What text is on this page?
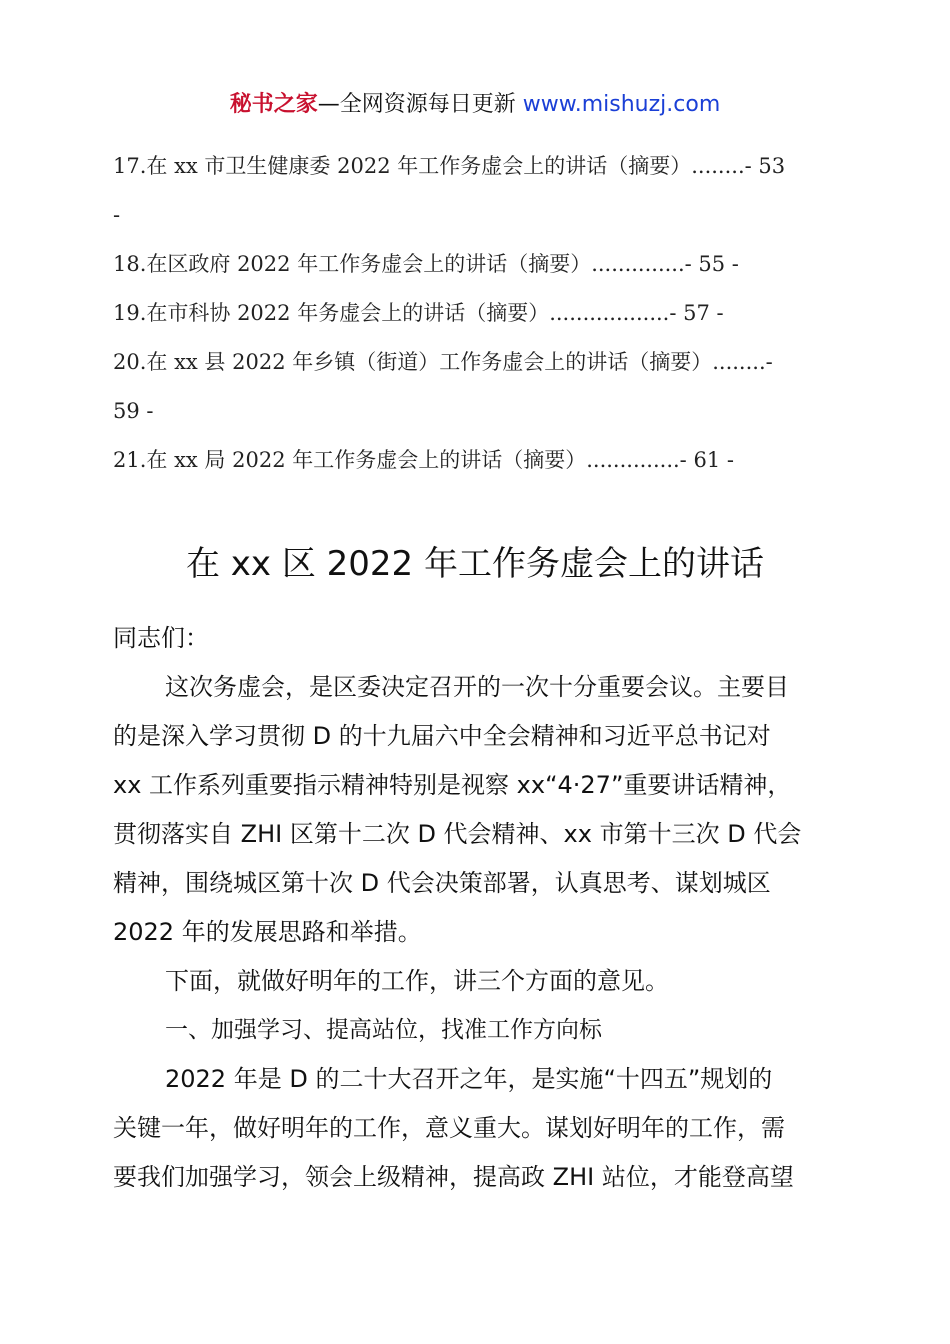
秘书之家—全网资源每日更新 www.mishuzj.com
17.在 xx 市卫生健康委 2022 年工作务虚会上的讲话（摘要）........- 53
-
18.在区政府 2022 年工作务虚会上的讲话（摘要）..............- 55 -
19.在市科协 2022 年务虚会上的讲话（摘要）..................- 57 -
20.在 xx 县 2022 年乡镇（街道）工作务虚会上的讲话（摘要）........-
59 -
21.在 xx 局 2022 年工作务虚会上的讲话（摘要）..............- 61 -
在 xx 区 2022 年工作务虚会上的讲话
同志们：
这次务虚会，是区委决定召开的一次十分重要会议。主要目
的是深入学习贯彻 D 的十九届六中全会精神和习近平总书记对
xx 工作系列重要指示精神特别是视察 xx“4·27”重要讲话精神，
贯彻落实自 ZHI 区第十二次 D 代会精神、xx 市第十三次 D 代会
精神，围绕城区第十次 D 代会决策部署，认真思考、谋划城区
2022 年的发展思路和举措。
下面，就做好明年的工作，讲三个方面的意见。
一、加强学习、提高站位，找准工作方向标
2022 年是 D 的二十大召开之年，是实施“十四五”规划的
关键一年，做好明年的工作，意义重大。谋划好明年的工作，需
要我们加强学习，领会上级精神，提高政 ZHI 站位，才能登高望
